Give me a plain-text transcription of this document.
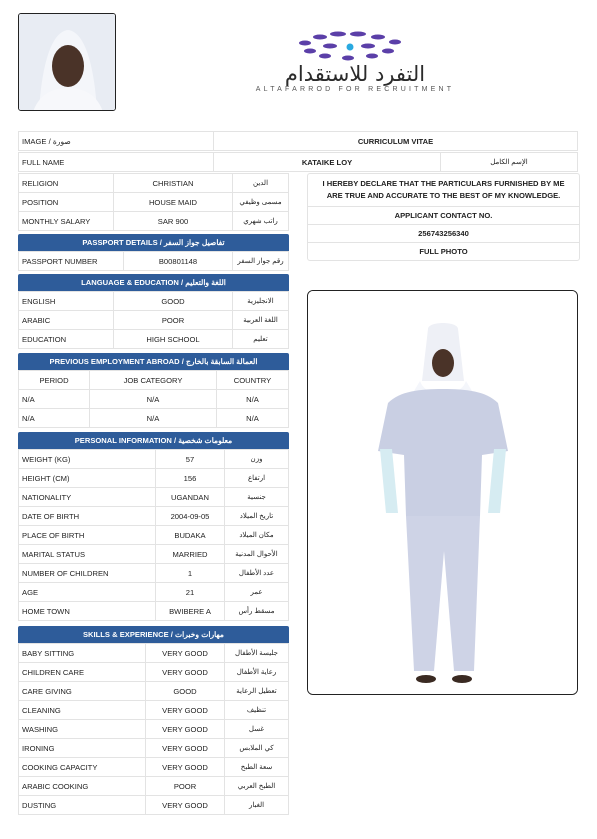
التفرد للاستقدام
ALTAFARROD FOR RECRUITMENT
IMAGE / صورة	CURRICULUM VITAE
FULL NAME	KATAIKE LOY	الإسم الكامل
RELIGION	CHRISTIAN	الدين
POSITION	HOUSE MAID	مسمى وظيفي
MONTHLY SALARY	SAR 900	راتب شهري
I HEREBY DECLARE THAT THE PARTICULARS FURNISHED BY ME ARE TRUE AND ACCURATE TO THE BEST OF MY KNOWLEDGE.
APPLICANT CONTACT NO.
256743256340
FULL PHOTO
PASSPORT DETAILS / تفاصيل جواز السفر
PASSPORT NUMBER	B00801148	رقم جواز السفر
LANGUAGE & EDUCATION / اللغة والتعليم
ENGLISH	GOOD	الانجليزية
ARABIC	POOR	اللغة العربية
EDUCATION	HIGH SCHOOL	تعليم
PREVIOUS EMPLOYMENT ABROAD / العمالة السابقة بالخارج
PERIOD	JOB CATEGORY	COUNTRY
N/A	N/A	N/A
N/A	N/A	N/A
PERSONAL INFORMATION / معلومات شخصية
WEIGHT (KG)	57	وزن
HEIGHT (CM)	156	ارتفاع
NATIONALITY	UGANDAN	جنسية
DATE OF BIRTH	2004-09-05	تاريخ الميلاد
PLACE OF BIRTH	BUDAKA	مكان الميلاد
MARITAL STATUS	MARRIED	الأحوال المدنية
NUMBER OF CHILDREN	1	عدد الأطفال
AGE	21	عمر
HOME TOWN	BWIBERE A	مسقط رأس
SKILLS & EXPERIENCE / مهارات وخبرات
BABY SITTING	VERY GOOD	جليسة الأطفال
CHILDREN CARE	VERY GOOD	رعاية الأطفال
CARE GIVING	GOOD	تعطيل الرعاية
CLEANING	VERY GOOD	تنظيف
WASHING	VERY GOOD	غسل
IRONING	VERY GOOD	كي الملابس
COOKING CAPACITY	VERY GOOD	سعة الطبخ
ARABIC COOKING	POOR	الطبخ العربي
DUSTING	VERY GOOD	الغبار
